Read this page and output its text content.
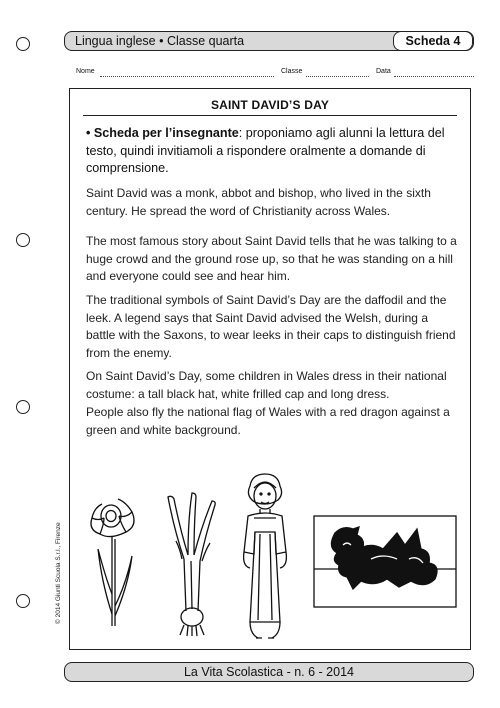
Lingua inglese • Classe quarta	Scheda 4
Nome	Classe	Data
SAINT DAVID’S DAY
• Scheda per l’insegnante: proponiamo agli alunni la lettura del testo, quindi invitiamoli a rispondere oralmente a domande di comprensione.
Saint David was a monk, abbot and bishop, who lived in the sixth century. He spread the word of Christianity across Wales.
The most famous story about Saint David tells that he was talking to a huge crowd and the ground rose up, so that he was standing on a hill and everyone could see and hear him.
The traditional symbols of Saint David’s Day are the daffodil and the leek. A legend says that Saint David advised the Welsh, during a battle with the Saxons, to wear leeks in their caps to distinguish friend from the enemy.
On Saint David’s Day, some children in Wales dress in their national costume: a tall black hat, white frilled cap and long dress.
People also fly the national flag of Wales with a red dragon against a green and white background.
© 2014 Giunti Scuola S.r.l., Firenze
La Vita Scolastica - n. 6 - 2014
